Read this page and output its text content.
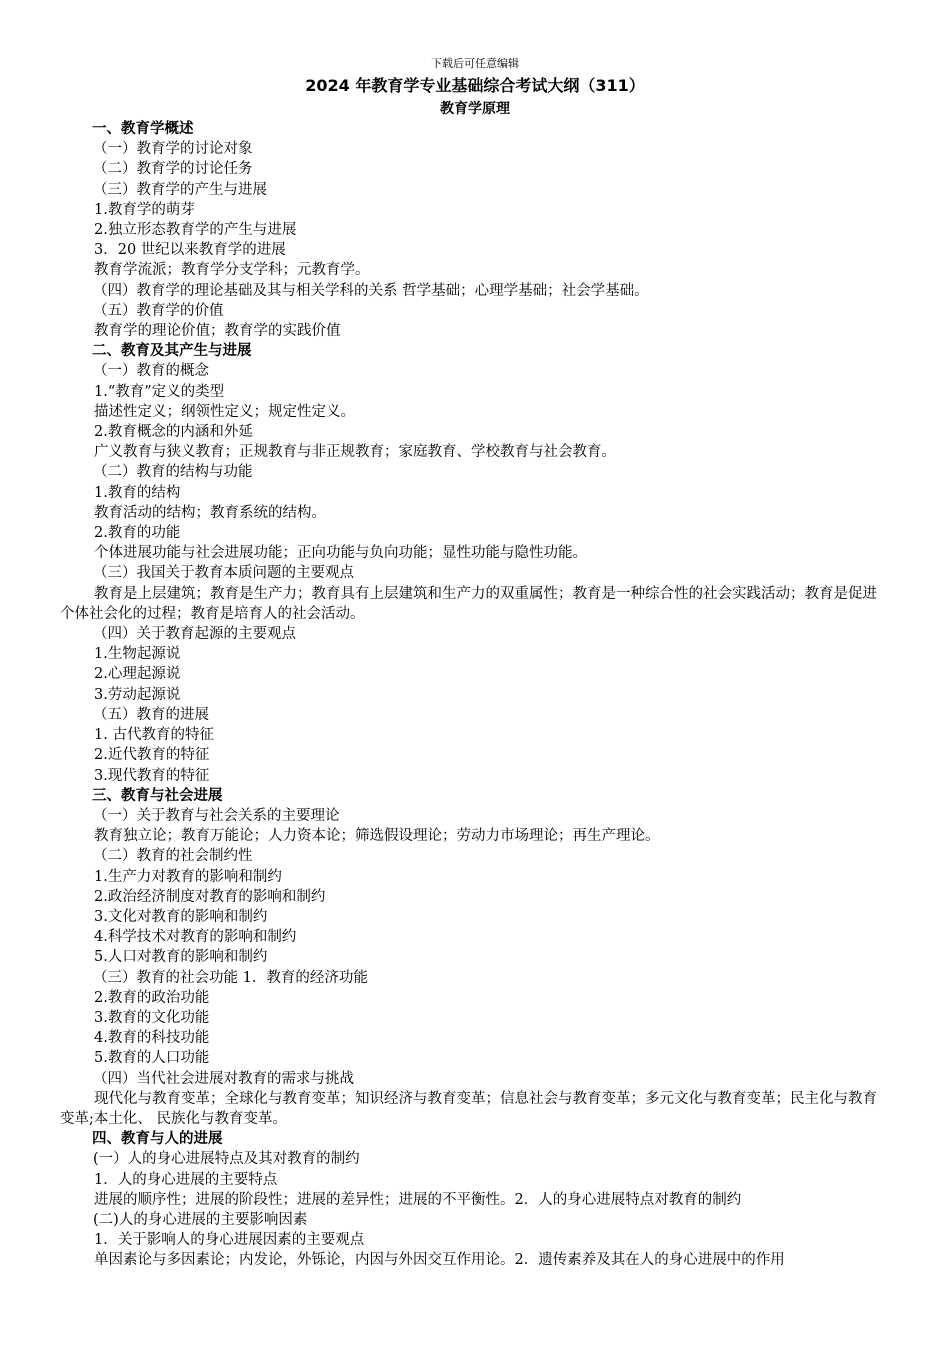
下载后可任意编辑
2024 年教育学专业基础综合考试大纲（311）
教育学原理
一、教育学概述
（一）教育学的讨论对象
（二）教育学的讨论任务
（三）教育学的产生与进展
1.教育学的萌芽
2.独立形态教育学的产生与进展
3．20 世纪以来教育学的进展
教育学流派；教育学分支学科；元教育学。
（四）教育学的理论基础及其与相关学科的关系 哲学基础；心理学基础；社会学基础。
（五）教育学的价值
教育学的理论价值；教育学的实践价值
二、教育及其产生与进展
（一）教育的概念
1.“教育”定义的类型
描述性定义；纲领性定义；规定性定义。
2.教育概念的内涵和外延
广义教育与狭义教育；正规教育与非正规教育；家庭教育、学校教育与社会教育。
（二）教育的结构与功能
1.教育的结构
教育活动的结构；教育系统的结构。
2.教育的功能
个体进展功能与社会进展功能；正向功能与负向功能；显性功能与隐性功能。
（三）我国关于教育本质问题的主要观点
教育是上层建筑；教育是生产力；教育具有上层建筑和生产力的双重属性；教育是一种综合性的社会实践活动；教育是促进个体社会化的过程；教育是培育人的社会活动。
（四）关于教育起源的主要观点
1.生物起源说
2.心理起源说
3.劳动起源说
（五）教育的进展
1. 古代教育的特征
2.近代教育的特征
3.现代教育的特征
三、教育与社会进展
（一）关于教育与社会关系的主要理论
教育独立论；教育万能论；人力资本论；筛选假设理论；劳动力市场理论；再生产理论。
（二）教育的社会制约性
1.生产力对教育的影响和制约
2.政治经济制度对教育的影响和制约
3.文化对教育的影响和制约
4.科学技术对教育的影响和制约
5.人口对教育的影响和制约
（三）教育的社会功能 1．教育的经济功能
2.教育的政治功能
3.教育的文化功能
4.教育的科技功能
5.教育的人口功能
（四）当代社会进展对教育的需求与挑战
现代化与教育变革；全球化与教育变革；知识经济与教育变革；信息社会与教育变革；多元文化与教育变革；民主化与教育变革;本土化、 民族化与教育变革。
四、教育与人的进展
(一）人的身心进展特点及其对教育的制约
1．人的身心进展的主要特点
进展的顺序性；进展的阶段性；进展的差异性；进展的不平衡性。2．人的身心进展特点对教育的制约
(二)人的身心进展的主要影响因素
1．关于影响人的身心进展因素的主要观点
单因素论与多因素论；内发论，外铄论，内因与外因交互作用论。2．遗传素养及其在人的身心进展中的作用
